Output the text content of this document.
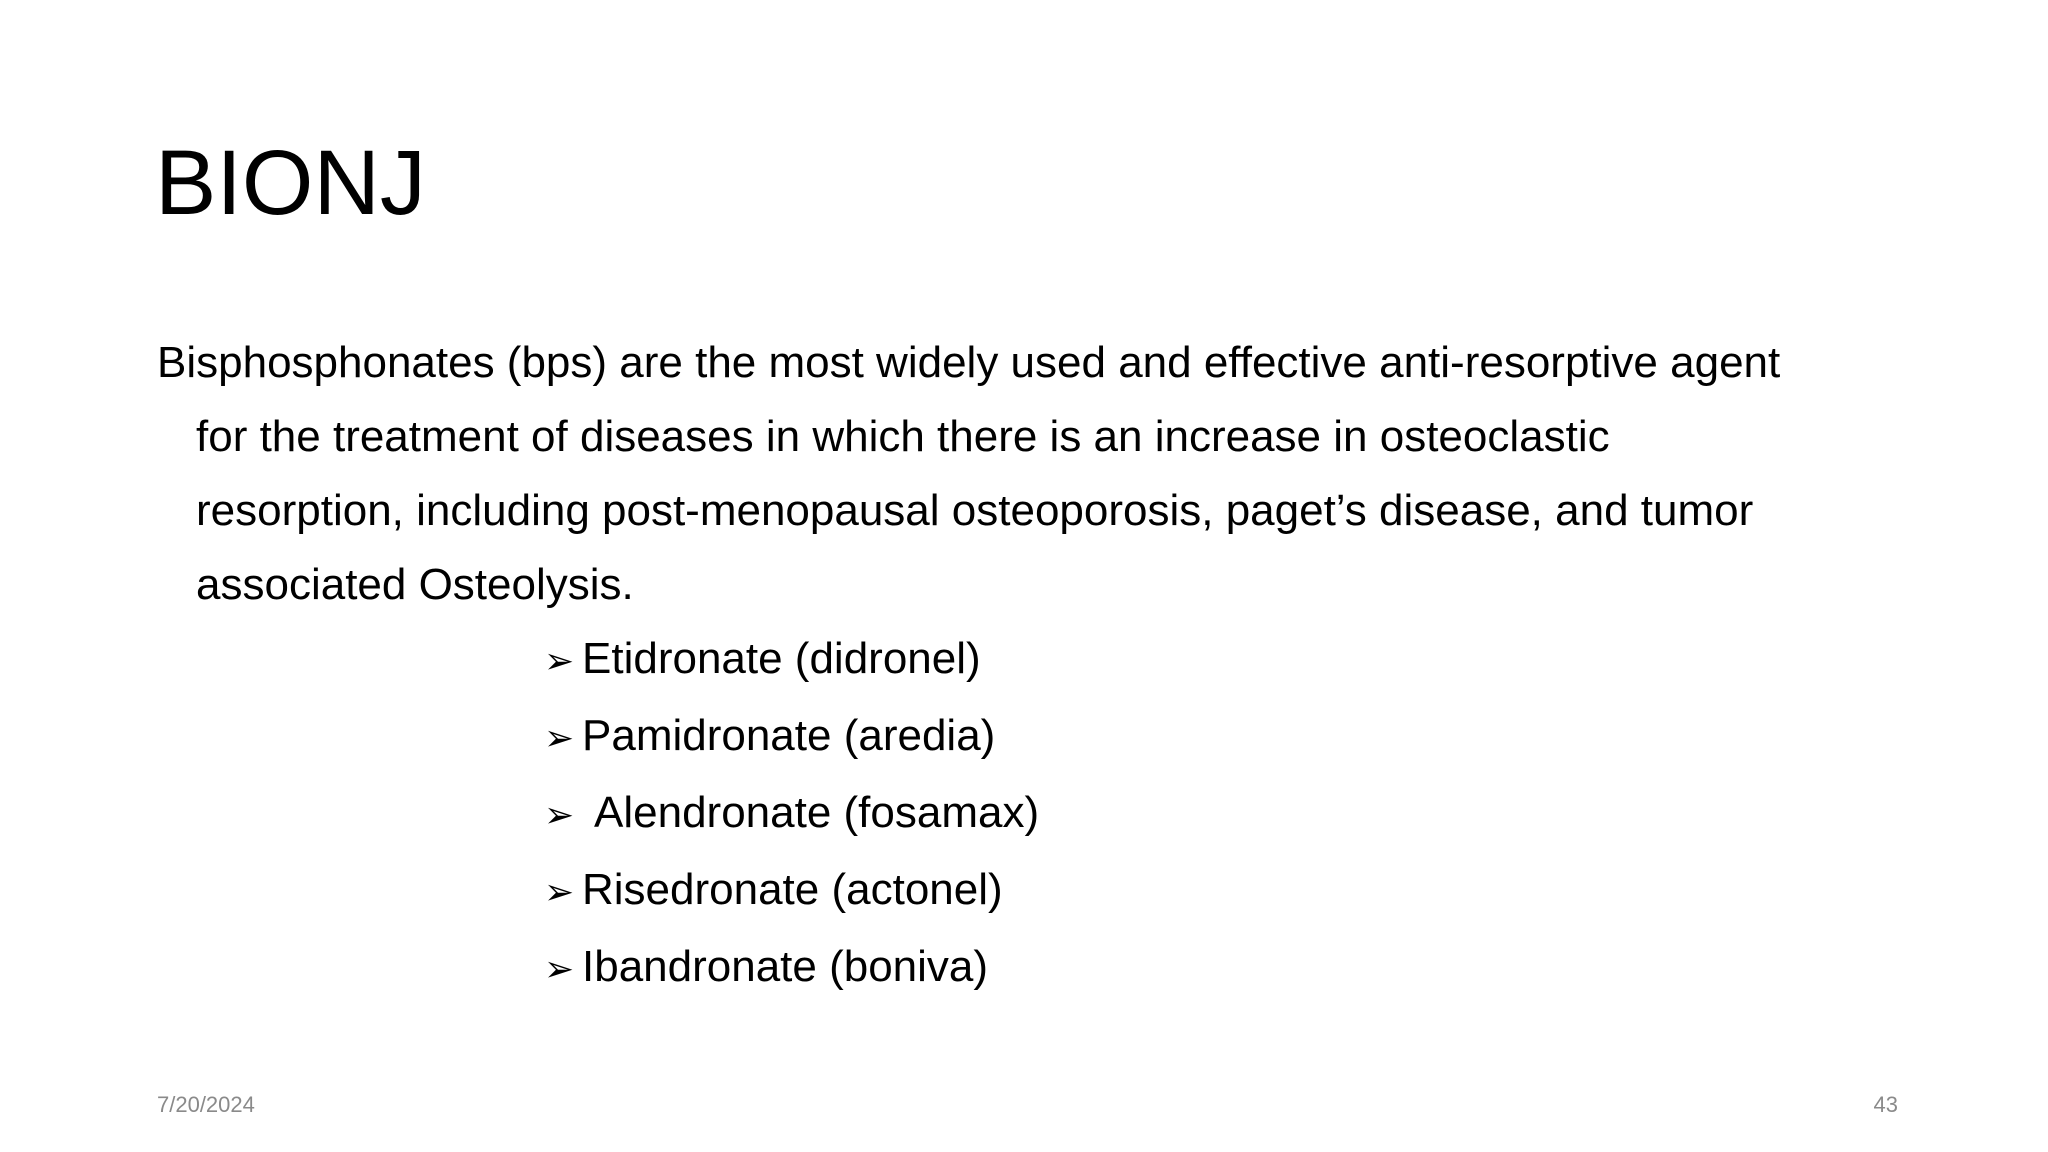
BIONJ

Bisphosphonates (bps) are the most widely used and effective anti-resorptive agent
for the treatment of diseases in which there is an increase in osteoclastic
resorption, including post-menopausal osteoporosis, paget’s disease, and tumor
associated Osteolysis.

➢ Etidronate (didronel)
➢ Pamidronate (aredia)
➢ Alendronate (fosamax)
➢ Risedronate (actonel)
➢ Ibandronate (boniva)
7/20/2024	43
